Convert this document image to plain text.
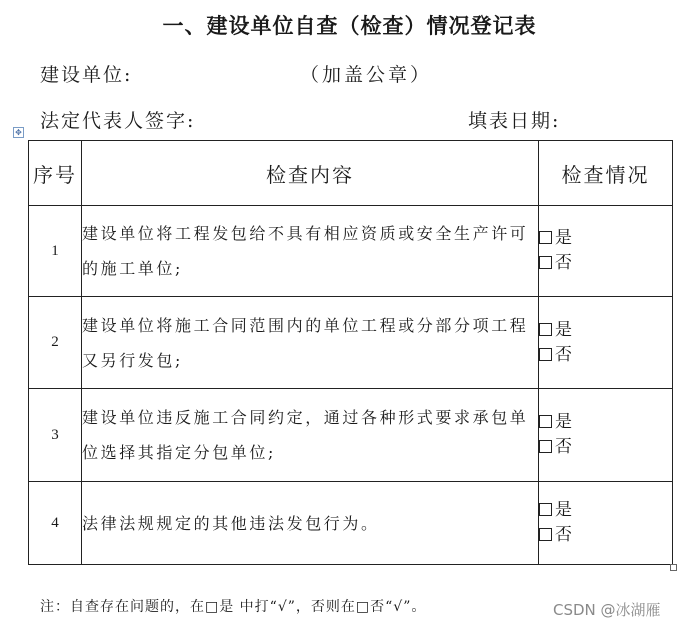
一、建设单位自查（检查）情况登记表
建设单位:	（加盖公章）
法定代表人签字:	填表日期:
✥
序号	检查内容	检查情况
1	建设单位将工程发包给不具有相应资质或安全生产许可的施工单位;	是
否

2	建设单位将施工合同范围内的单位工程或分部分项工程又另行发包;	是
否

3	建设单位违反施工合同约定，通过各种形式要求承包单位选择其指定分包单位;	是
否

4	法律法规规定的其他违法发包行为。	是
否
注：自查存在问题的，在□是 中打“√”，否则在□否“√”。	CSDN @冰湖雁
